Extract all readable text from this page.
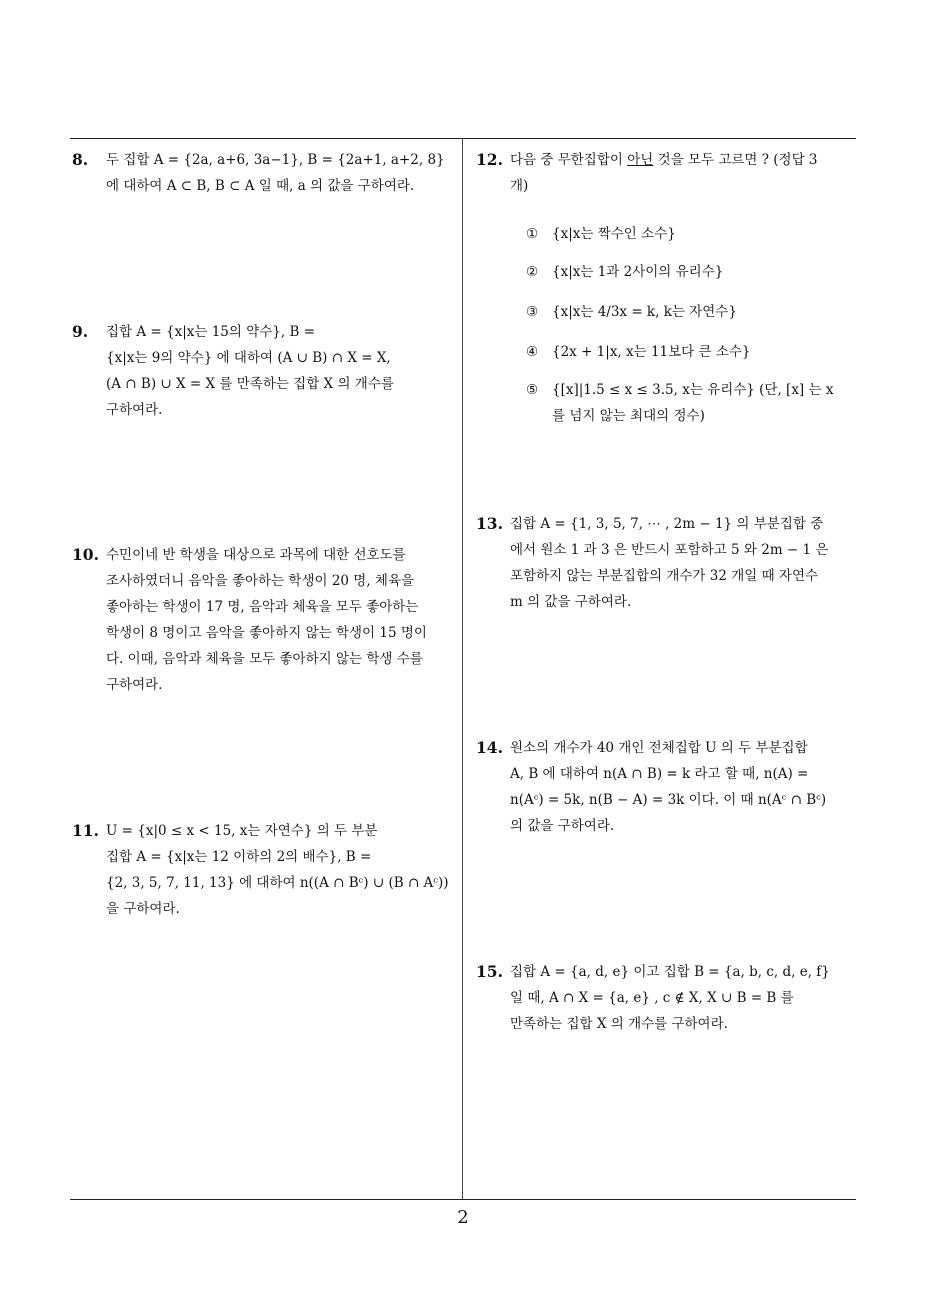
8. 두 집합 A = {2a, a+6, 3a−1}, B = {2a+1, a+2, 8}

에 대하여 A ⊂ B, B ⊂ A 일 때, a 의 값을 구하여라.

9. 집합 A = {x|x는 15의 약수}, B =

{x|x는 9의 약수} 에 대하여 (A ∪ B) ∩ X = X,

(A ∩ B) ∪ X = X 를 만족하는 집합 X 의 개수를

구하여라.

10. 수민이네 반 학생을 대상으로 과목에 대한 선호도를

조사하였더니 음악을 좋아하는 학생이 20 명, 체육을

좋아하는 학생이 17 명, 음악과 체육을 모두 좋아하는

학생이 8 명이고 음악을 좋아하지 않는 학생이 15 명이

다. 이때, 음악과 체육을 모두 좋아하지 않는 학생 수를

구하여라.

11. U = {x|0 ≤ x < 15, x는 자연수} 의 두 부분

집합 A = {x|x는 12 이하의 2의 배수}, B =

{2, 3, 5, 7, 11, 13} 에 대하여 n((A ∩ Bᶜ) ∪ (B ∩ Aᶜ))

을 구하여라.

12. 다음 중 무한집합이 아닌 것을 모두 고르면 ? (정답 3

개)

① {x|x는 짝수인 소수}
② {x|x는 1과 2사이의 유리수}
③ {x|x는 4/3x = k, k는 자연수}
④ {2x + 1|x, x는 11보다 큰 소수}
⑤ {[x]|1.5 ≤ x ≤ 3.5, x는 유리수} (단, [x] 는 x
를 넘지 않는 최대의 정수)
13. 집합 A = {1, 3, 5, 7, ⋯ , 2m − 1} 의 부분집합 중

에서 원소 1 과 3 은 반드시 포함하고 5 와 2m − 1 은

포함하지 않는 부분집합의 개수가 32 개일 때 자연수

m 의 값을 구하여라.

14. 원소의 개수가 40 개인 전체집합 U 의 두 부분집합

A, B 에 대하여 n(A ∩ B) = k 라고 할 때, n(A) =

n(Aᶜ) = 5k, n(B − A) = 3k 이다. 이 때 n(Aᶜ ∩ Bᶜ)

의 값을 구하여라.

15. 집합 A = {a, d, e} 이고 집합 B = {a, b, c, d, e, f}

일 때, A ∩ X = {a, e} , c ∉ X, X ∪ B = B 를

만족하는 집합 X 의 개수를 구하여라.

2
